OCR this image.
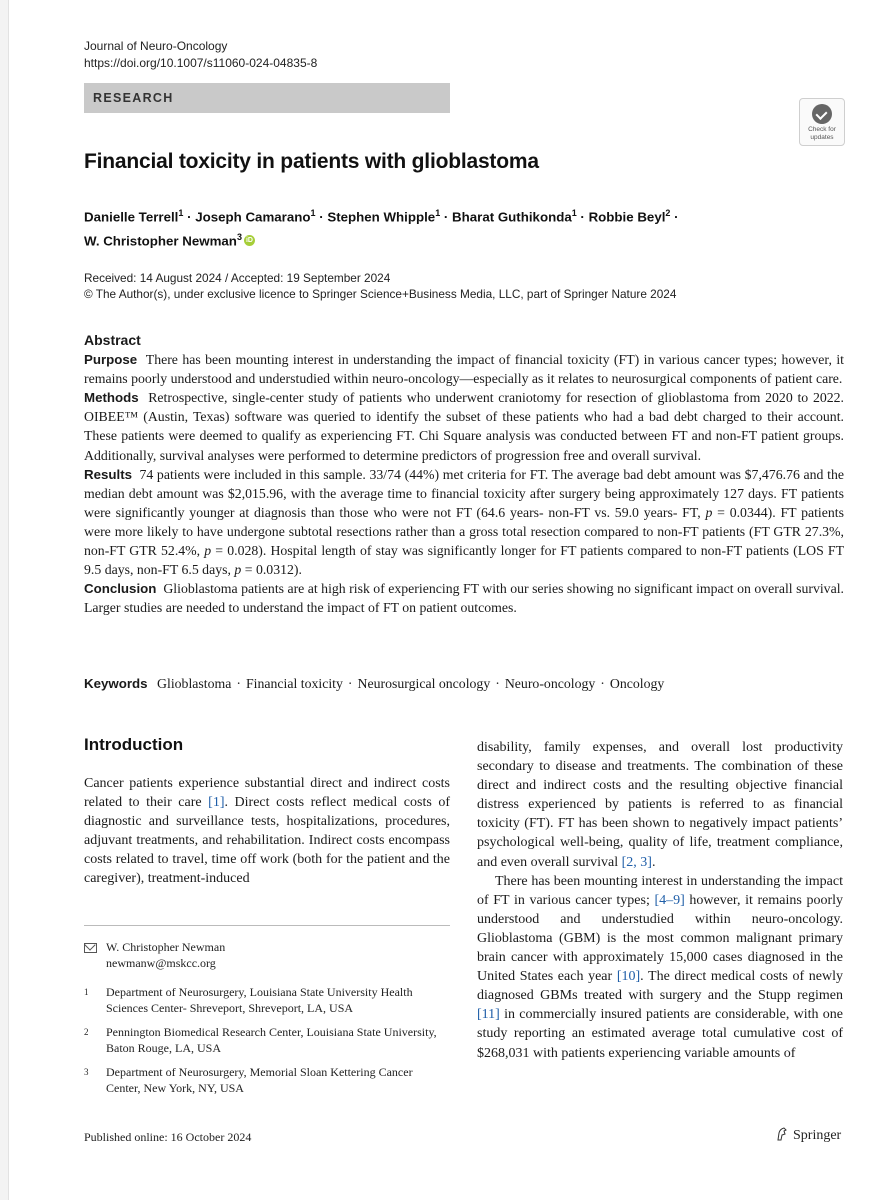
Journal of Neuro-Oncology
https://doi.org/10.1007/s11060-024-04835-8
RESEARCH
Check for
updates
Financial toxicity in patients with glioblastoma
Danielle Terrell$^1$ · Joseph Camarano$^1$ · Stephen Whipple$^1$ · Bharat Guthikonda$^1$ · Robbie Beyl$^2$ ·
W. Christopher Newman$^3$ iD
Received: 14 August 2024 / Accepted: 19 September 2024
© The Author(s), under exclusive licence to Springer Science+Business Media, LLC, part of Springer Nature 2024
Abstract

Purpose There has been mounting interest in understanding the impact of financial toxicity (FT) in various cancer types; however, it remains poorly understood and understudied within neuro-oncology—especially as it relates to neurosurgical components of patient care.

Methods Retrospective, single-center study of patients who underwent craniotomy for resection of glioblastoma from 2020 to 2022. OIBEE™ (Austin, Texas) software was queried to identify the subset of these patients who had a bad debt charged to their account. These patients were deemed to qualify as experiencing FT. Chi Square analysis was conducted between FT and non-FT patient groups. Additionally, survival analyses were performed to determine predictors of progression free and overall survival.

Results 74 patients were included in this sample. 33/74 (44%) met criteria for FT. The average bad debt amount was $7,476.76 and the median debt amount was $2,015.96, with the average time to financial toxicity after surgery being approximately 127 days. FT patients were significantly younger at diagnosis than those who were not FT (64.6 years- non-FT vs. 59.0 years- FT, p = 0.0344). FT patients were more likely to have undergone subtotal resections rather than a gross total resection compared to non-FT patients (FT GTR 27.3%, non-FT GTR 52.4%, p = 0.028). Hospital length of stay was significantly longer for FT patients compared to non-FT patients (LOS FT 9.5 days, non-FT 6.5 days, p = 0.0312).

Conclusion Glioblastoma patients are at high risk of experiencing FT with our series showing no significant impact on overall survival. Larger studies are needed to understand the impact of FT on patient outcomes.

Keywords Glioblastoma · Financial toxicity · Neurosurgical oncology · Neuro-oncology · Oncology
Introduction

Cancer patients experience substantial direct and indirect costs related to their care [1]. Direct costs reflect medical costs of diagnostic and surveillance tests, hospitalizations, procedures, adjuvant treatments, and rehabilitation. Indirect costs encompass costs related to travel, time off work (both for the patient and the caregiver), treatment-induced

disability, family expenses, and overall lost productivity secondary to disease and treatments. The combination of these direct and indirect costs and the resulting objective financial distress experienced by patients is referred to as financial toxicity (FT). FT has been shown to negatively impact patients’ psychological well-being, quality of life, treatment compliance, and even overall survival [2, 3].

There has been mounting interest in understanding the impact of FT in various cancer types; [4–9] however, it remains poorly understood and understudied within neuro-oncology. Glioblastoma (GBM) is the most common malignant primary brain cancer with approximately 15,000 cases diagnosed in the United States each year [10]. The direct medical costs of newly diagnosed GBMs treated with surgery and the Stupp regimen [11] in commercially insured patients are considerable, with one study reporting an estimated average total cumulative cost of $268,031 with patients experiencing variable amounts of

W. Christopher Newman
newmanw@mskcc.org
1 Department of Neurosurgery, Louisiana State University Health Sciences Center- Shreveport, Shreveport, LA, USA
2 Pennington Biomedical Research Center, Louisiana State University, Baton Rouge, LA, USA
3 Department of Neurosurgery, Memorial Sloan Kettering Cancer Center, New York, NY, USA
Published online: 16 October 2024	Springer
